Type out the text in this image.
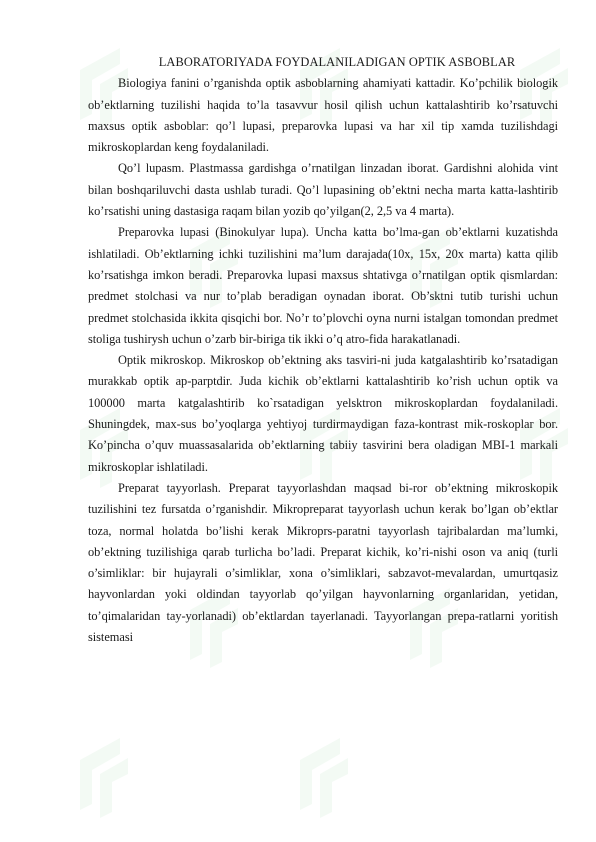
LABORATORIYADA FOYDALANILADIGAN OPTIK ASBOBLAR

Biologiya fanini o’rganishda optik asboblarning ahamiyati kattadir. Ko’pchilik biologik ob’ektlarning tuzilishi haqida to’la tasavvur hosil qilish uchun kattalashtirib ko’rsatuvchi maxsus optik asboblar: qo’l lupasi, preparovka lupasi va har xil tip xamda tuzilishdagi mikroskoplardan keng foydalaniladi.

Qo’l lupasm. Plastmassa gardishga o’rnatilgan linzadan iborat. Gardishni alohida vint bilan boshqariluvchi dasta ushlab turadi. Qo’l lupasining ob’ektni necha marta katta-lashtirib ko’rsatishi uning dastasiga raqam bilan yozib qo’yilgan(2, 2,5 va 4 marta).

Preparovka lupasi (Binokulyar lupa). Uncha katta bo’lma-gan ob’ektlarni kuzatishda ishlatiladi. Ob’ektlarning ichki tuzilishini ma’lum darajada(10x, 15x, 20x marta) katta qilib ko’rsatishga imkon beradi. Preparovka lupasi maxsus shtativga o’rnatilgan optik qismlardan: predmet stolchasi va nur to’plab beradigan oynadan iborat. Ob’sktni tutib turishi uchun predmet stolchasida ikkita qisqichi bor. No’r to’plovchi oyna nurni istalgan tomondan predmet stoliga tushirysh uchun o’zarb bir-biriga tik ikki o’q atro-fida harakatlanadi.

Optik mikroskop. Mikroskop ob’ektning aks tasviri-ni juda katgalashtirib ko’rsatadigan murakkab optik ap-parptdir. Juda kichik ob’ektlarni kattalashtirib ko’rish uchun optik va 100000 marta katgalashtirib ko`rsatadigan yelsktron mikroskoplardan foydalaniladi. Shuningdek, max-sus bo’yoqlarga yehtiyoj turdirmaydigan faza-kontrast mik-roskoplar bor. Ko’pincha o’quv muassasalarida ob’ektlarning tabiiy tasvirini bera oladigan MBI-1 markali mikroskoplar ishlatiladi.

Preparat tayyorlash. Preparat tayyorlashdan maqsad bi-ror ob’ektning mikroskopik tuzilishini tez fursatda o’rganishdir. Mikropreparat tayyorlash uchun kerak bo’lgan ob’ektlar toza, normal holatda bo’lishi kerak Mikroprs-paratni tayyorlash tajribalardan ma’lumki, ob’ektning tuzilishiga qarab turlicha bo’ladi. Preparat kichik, ko’ri-nishi oson va aniq (turli o’simliklar: bir hujayrali o’simliklar, xona o’simliklari, sabzavot-mevalardan, umurtqasiz hayvonlardan yoki oldindan tayyorlab qo’yilgan hayvonlarning organlaridan, yetidan, to’qimalaridan tay-yorlanadi) ob’ektlardan tayerlanadi. Tayyorlangan prepa-ratlarni yoritish sistemasi
